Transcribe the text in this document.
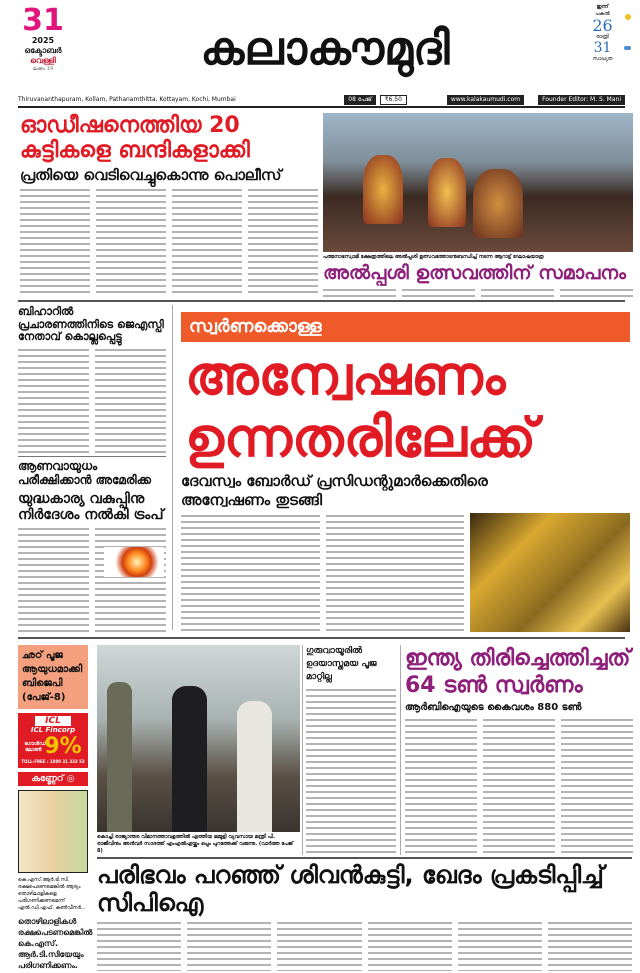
31
2025
ഒക്ടോബർ
വെള്ളി
ലക്കം 14	കലാകൗമുദി
ഇന്ന്
പകൽ
26
രാത്രി
31
സാധ്യത
Thiruvananthapuram, Kollam, Pathanamthitta, Kottayam, Kochi, Mumbai	08 പേജ്	₹6.50	www.kalakaumudi.com	Founder Editor: M. S. Mani
ഓഡീഷനെത്തിയ 20
കുട്ടികളെ ബന്ദികളാക്കി
പ്രതിയെ വെടിവെച്ചുകൊന്നു പൊലീസ്
പത്മനാഭസ്വാമി ക്ഷേത്രത്തിലെ അൽപ്പശി ഉത്സവത്തോടനുബന്ധിച്ച് നടന്ന ആറാട്ട് ഘോഷയാത്ര
അൽപ്പശി ഉത്സവത്തിന് സമാപനം
ബിഹാറിൽ പ്രചാരണത്തിനിടെ ജെഎസ്പി നേതാവ് കൊല്ലപ്പെട്ടു
ആണവായുധം പരീക്ഷിക്കാൻ അമേരിക്ക
യുദ്ധകാര്യ വകുപ്പിനു നിർദേശം നൽകി ട്രംപ്
സ്വർണക്കൊള്ള
അന്വേഷണം
ഉന്നതരിലേക്ക്
ദേവസ്വം ബോർഡ് പ്രസിഡന്റുമാർക്കെതിരെ
അന്വേഷണം തുടങ്ങി
ഛഠ് പൂജ ആയുധമാക്കി ബിജെപി (പേജ്-8)
ICL
ICL Fincorp
ഗോൾഡ് ലോൺ 9%
TOLL-FREE : 1800 31 333 53
കണ്ണേറ് ◎
കെ.എസ്.ആർ.ടി.സി. രക്ഷപെടണമെങ്കിൽ ആദ്യം തൊഴിലാളികളെ പരിഗണിക്കണമെന്ന് എൽ.ഡി.എഫ്. കൺവീനർ...
തൊഴിലാളികൾ രക്ഷപെടണമെങ്കിൽ കെ.എസ്. ആർ.ടി.സിയേയും പരിഗണിക്കണം.
കൊച്ചി രാജ്യാന്തര വിമാനത്താവളത്തിൽ എത്തിയ മമ്മൂട്ടി വ്യവസായ മന്ത്രി പി. രാജീവിനും അൻവർ സാദത്ത് എംഎൽഎയ്ക്കും ഒപ്പം പുറത്തേക്ക് വരുന്നു. (വാർത്ത പേജ് 8)
ഗുരുവായൂരിൽ ഉദയാസ്തമയ പൂജ മാറ്റില്ല
ഇന്ത്യ തിരിച്ചെത്തിച്ചത്
64 ടൺ സ്വർണം
ആർബിഐയുടെ കൈവശം 880 ടൺ
പരിഭവം പറഞ്ഞ് ശിവൻകുട്ടി, ഖേദം പ്രകടിപ്പിച്ച് സിപിഐ
